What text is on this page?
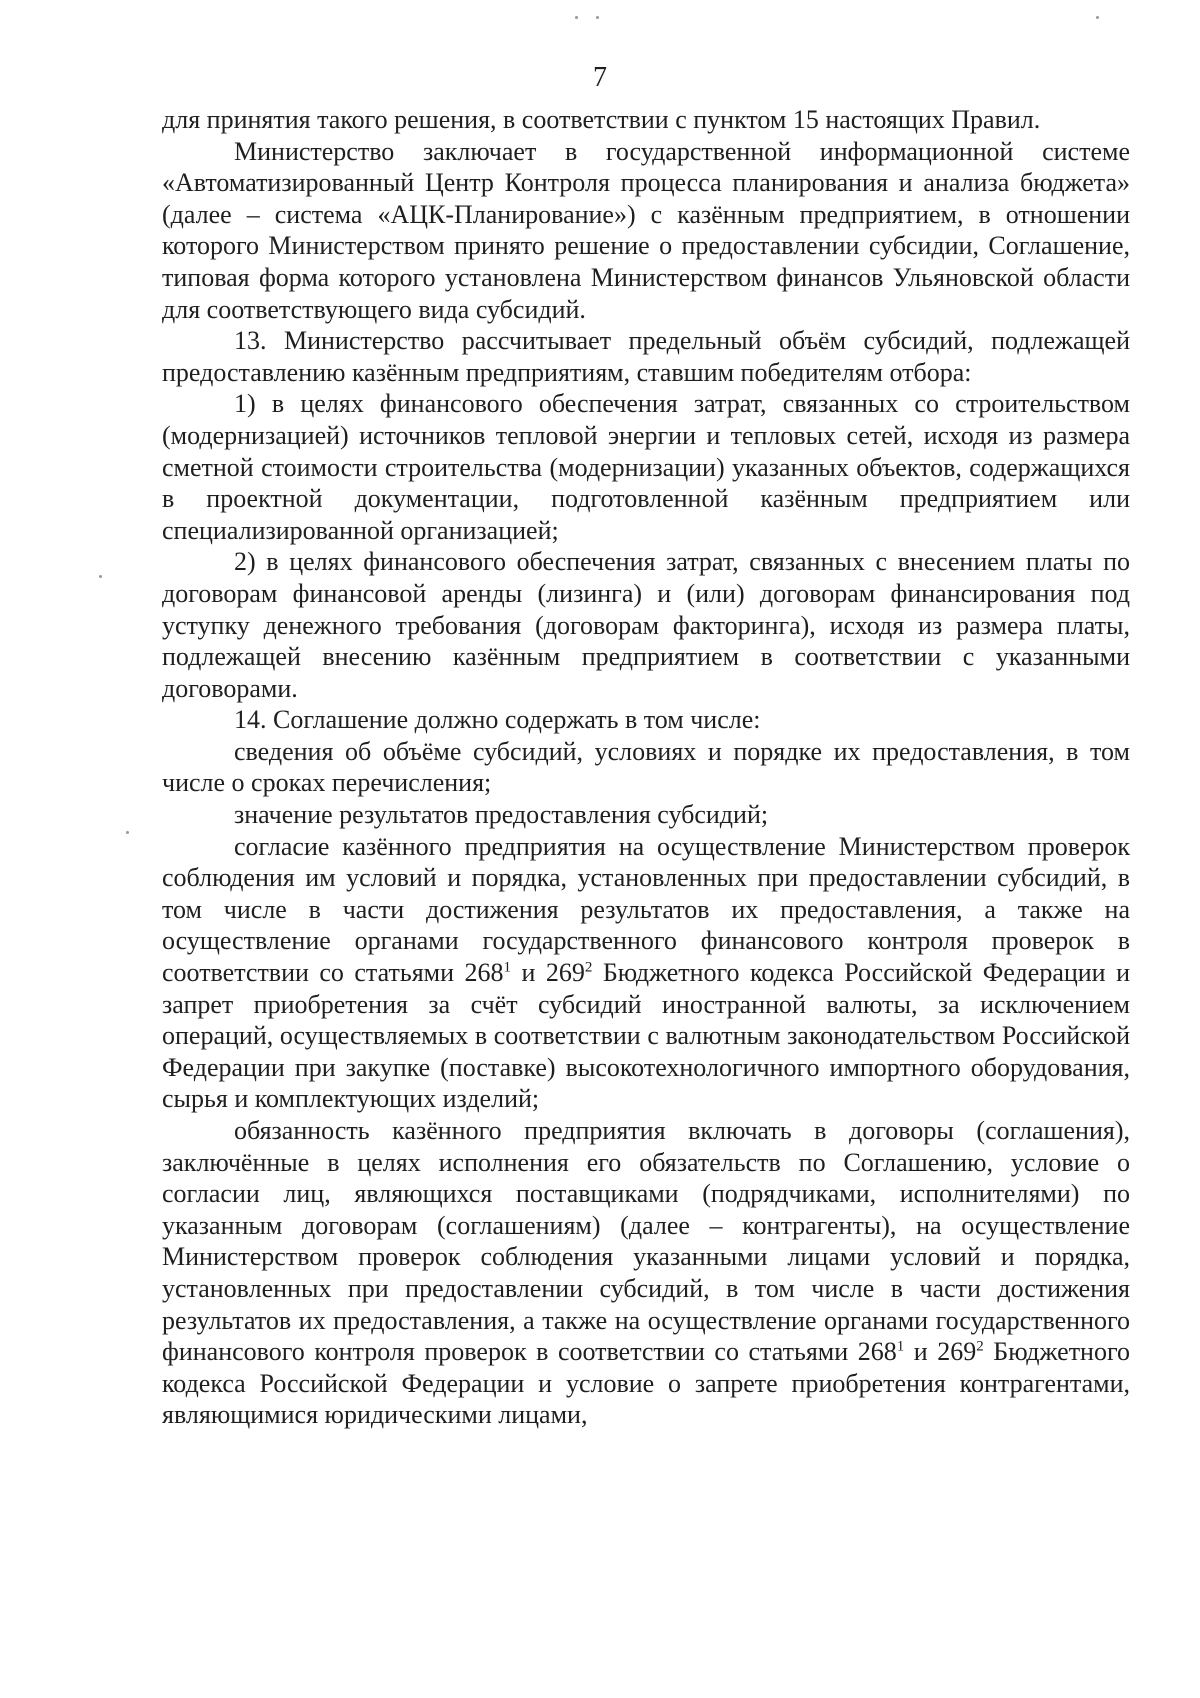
7

для принятия такого решения, в соответствии с пунктом 15 настоящих Правил.

Министерство заключает в государственной информационной системе «Автоматизированный Центр Контроля процесса планирования и анализа бюджета» (далее – система «АЦК-Планирование») с казённым предприятием, в отношении которого Министерством принято решение о предоставлении субсидии, Соглашение, типовая форма которого установлена Министерством финансов Ульяновской области для соответствующего вида субсидий.

13. Министерство рассчитывает предельный объём субсидий, подлежащей предоставлению казённым предприятиям, ставшим победителям отбора:

1) в целях финансового обеспечения затрат, связанных со строительством (модернизацией) источников тепловой энергии и тепловых сетей, исходя из размера сметной стоимости строительства (модернизации) указанных объектов, содержащихся в проектной документации, подготовленной казённым предприятием или специализированной организацией;

2) в целях финансового обеспечения затрат, связанных с внесением платы по договорам финансовой аренды (лизинга) и (или) договорам финансирования под уступку денежного требования (договорам факторинга), исходя из размера платы, подлежащей внесению казённым предприятием в соответствии с указанными договорами.

14. Соглашение должно содержать в том числе:

сведения об объёме субсидий, условиях и порядке их предоставления, в том числе о сроках перечисления;

значение результатов предоставления субсидий;

согласие казённого предприятия на осуществление Министерством проверок соблюдения им условий и порядка, установленных при предоставлении субсидий, в том числе в части достижения результатов их предоставления, а также на осуществление органами государственного финансового контроля проверок в соответствии со статьями $268^1$ и $269^2$ Бюджетного кодекса Российской Федерации и запрет приобретения за счёт субсидий иностранной валюты, за исключением операций, осуществляемых в соответствии с валютным законодательством Российской Федерации при закупке (поставке) высокотехнологичного импортного оборудования, сырья и комплектующих изделий;

обязанность казённого предприятия включать в договоры (соглашения), заключённые в целях исполнения его обязательств по Соглашению, условие о согласии лиц, являющихся поставщиками (подрядчиками, исполнителями) по указанным договорам (соглашениям) (далее – контрагенты), на осуществление Министерством проверок соблюдения указанными лицами условий и порядка, установленных при предоставлении субсидий, в том числе в части достижения результатов их предоставления, а также на осуществление органами государственного финансового контроля проверок в соответствии со статьями $268^1$ и $269^2$ Бюджетного кодекса Российской Федерации и условие о запрете приобретения контрагентами, являющимися юридическими лицами,
